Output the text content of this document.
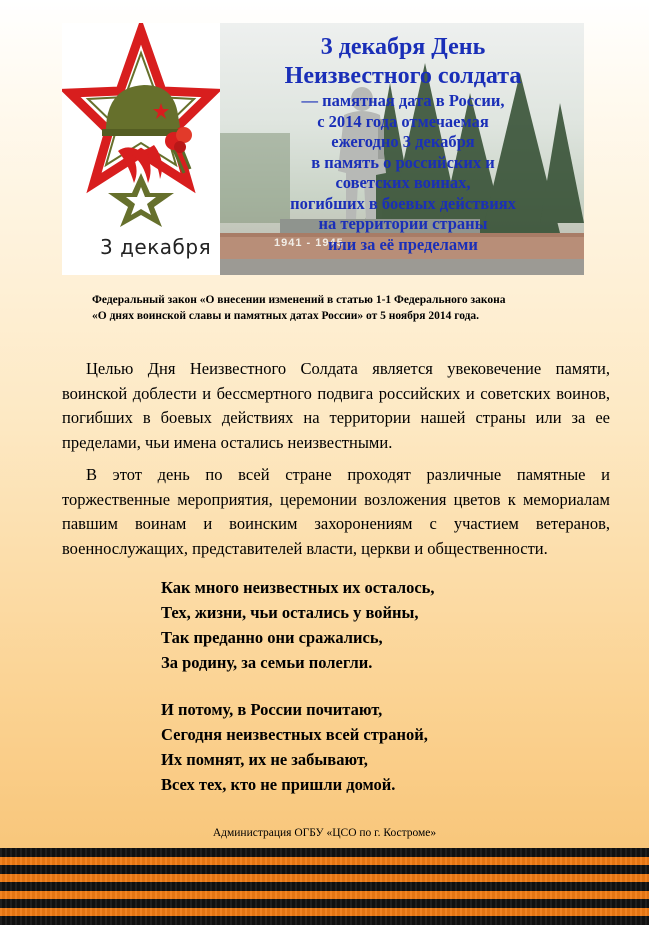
3 декабря	1941 - 1945

3 декабря День

Неизвестного солдата

— памятная дата в России,

с 2014 года отмечаемая

ежегодно 3 декабря

в память о российских и

советских воинах,

погибших в боевых действиях

на территории страны

или за её пределами

Федеральный закон «О внесении изменений в статью 1-1 Федерального закона

«О днях воинской славы и памятных датах России» от 5 ноября 2014 года.

Целью Дня Неизвестного Солдата является увековечение памяти, воинской доблести и бессмертного подвига российских и советских воинов, погибших в боевых действиях на территории нашей страны или за ее пределами, чьи имена остались неизвестными.

В этот день по всей стране проходят различные памятные и торжественные мероприятия, церемонии возложения цветов к мемориалам павшим воинам и воинским захоронениям с участием ветеранов, военнослужащих, представителей власти, церкви и общественности.

Как много неизвестных их осталось,

Тех, жизни, чьи остались у войны,

Так преданно они сражались,

За родину, за семьи полегли.

И потому, в России почитают,

Сегодня неизвестных всей страной,

Их помнят, их не забывают,

Всех тех, кто не пришли домой.

Администрация ОГБУ «ЦСО по г. Костроме»
